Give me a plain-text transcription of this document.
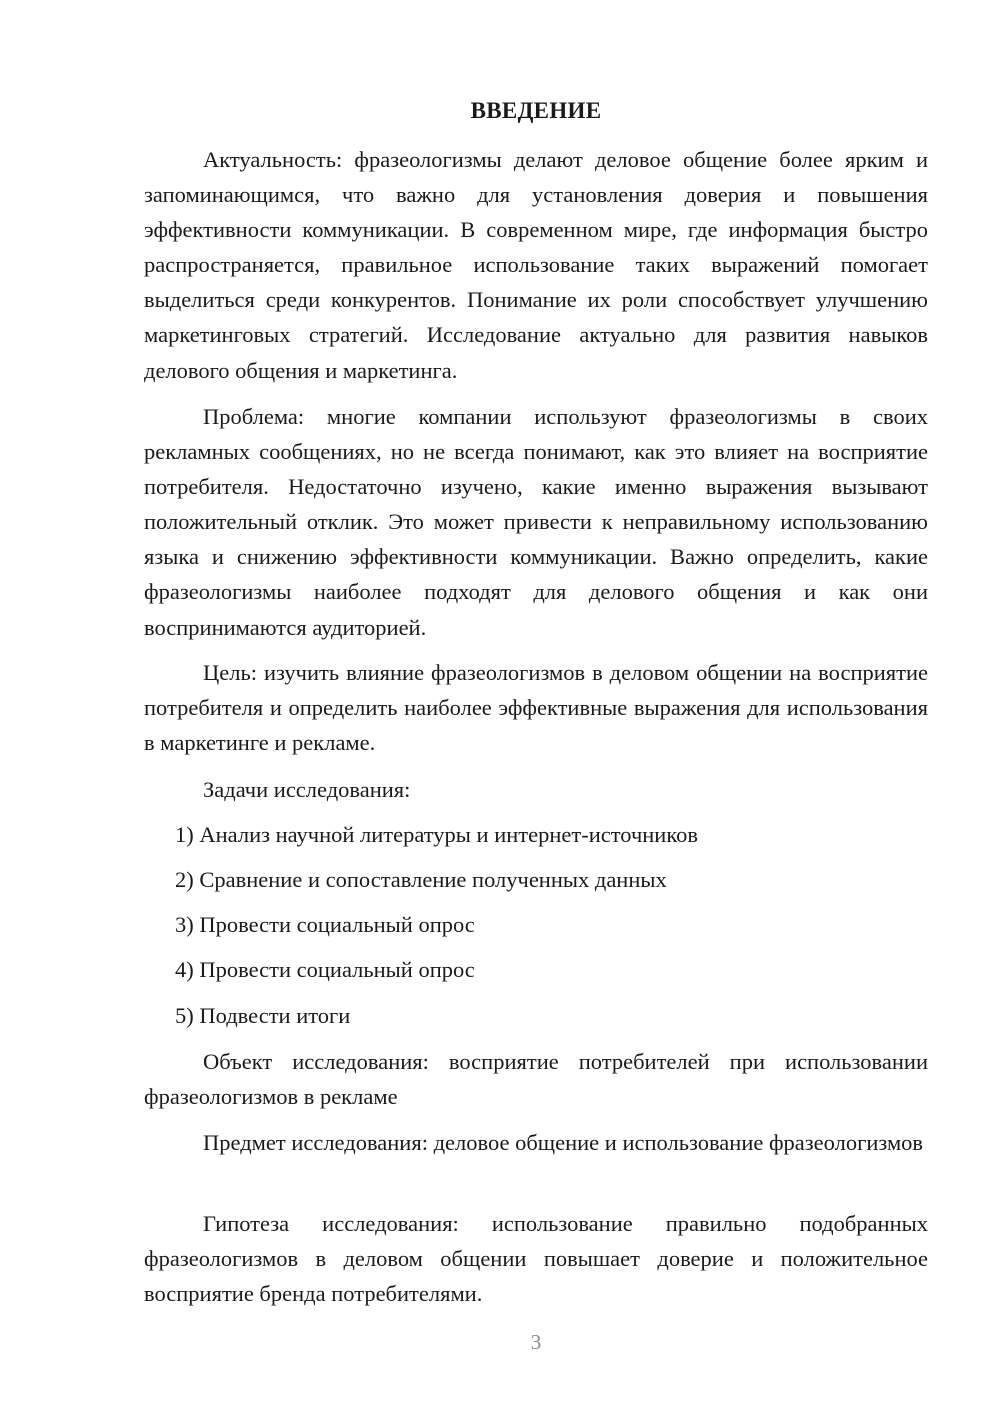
ВВЕДЕНИЕ

Актуальность: фразеологизмы делают деловое общение более ярким и запоминающимся, что важно для установления доверия и повышения эффективности коммуникации. В современном мире, где информация быстро распространяется, правильное использование таких выражений помогает выделиться среди конкурентов. Понимание их роли способствует улучшению маркетинговых стратегий. Исследование актуально для развития навыков делового общения и маркетинга.

Проблема: многие компании используют фразеологизмы в своих рекламных сообщениях, но не всегда понимают, как это влияет на восприятие потребителя. Недостаточно изучено, какие именно выражения вызывают положительный отклик. Это может привести к неправильному использованию языка и снижению эффективности коммуникации. Важно определить, какие фразеологизмы наиболее подходят для делового общения и как они воспринимаются аудиторией.

Цель: изучить влияние фразеологизмов в деловом общении на восприятие потребителя и определить наиболее эффективные выражения для использования в маркетинге и рекламе.

Задачи исследования:

1) Анализ научной литературы и интернет-источников

2) Сравнение и сопоставление полученных данных

3) Провести социальный опрос

4) Провести социальный опрос

5) Подвести итоги

Объект исследования: восприятие потребителей при использовании фразеологизмов в рекламе

Предмет исследования: деловое общение и использование фразеологизмов

Гипотеза исследования: использование правильно подобранных фразеологизмов в деловом общении повышает доверие и положительное восприятие бренда потребителями.

3
